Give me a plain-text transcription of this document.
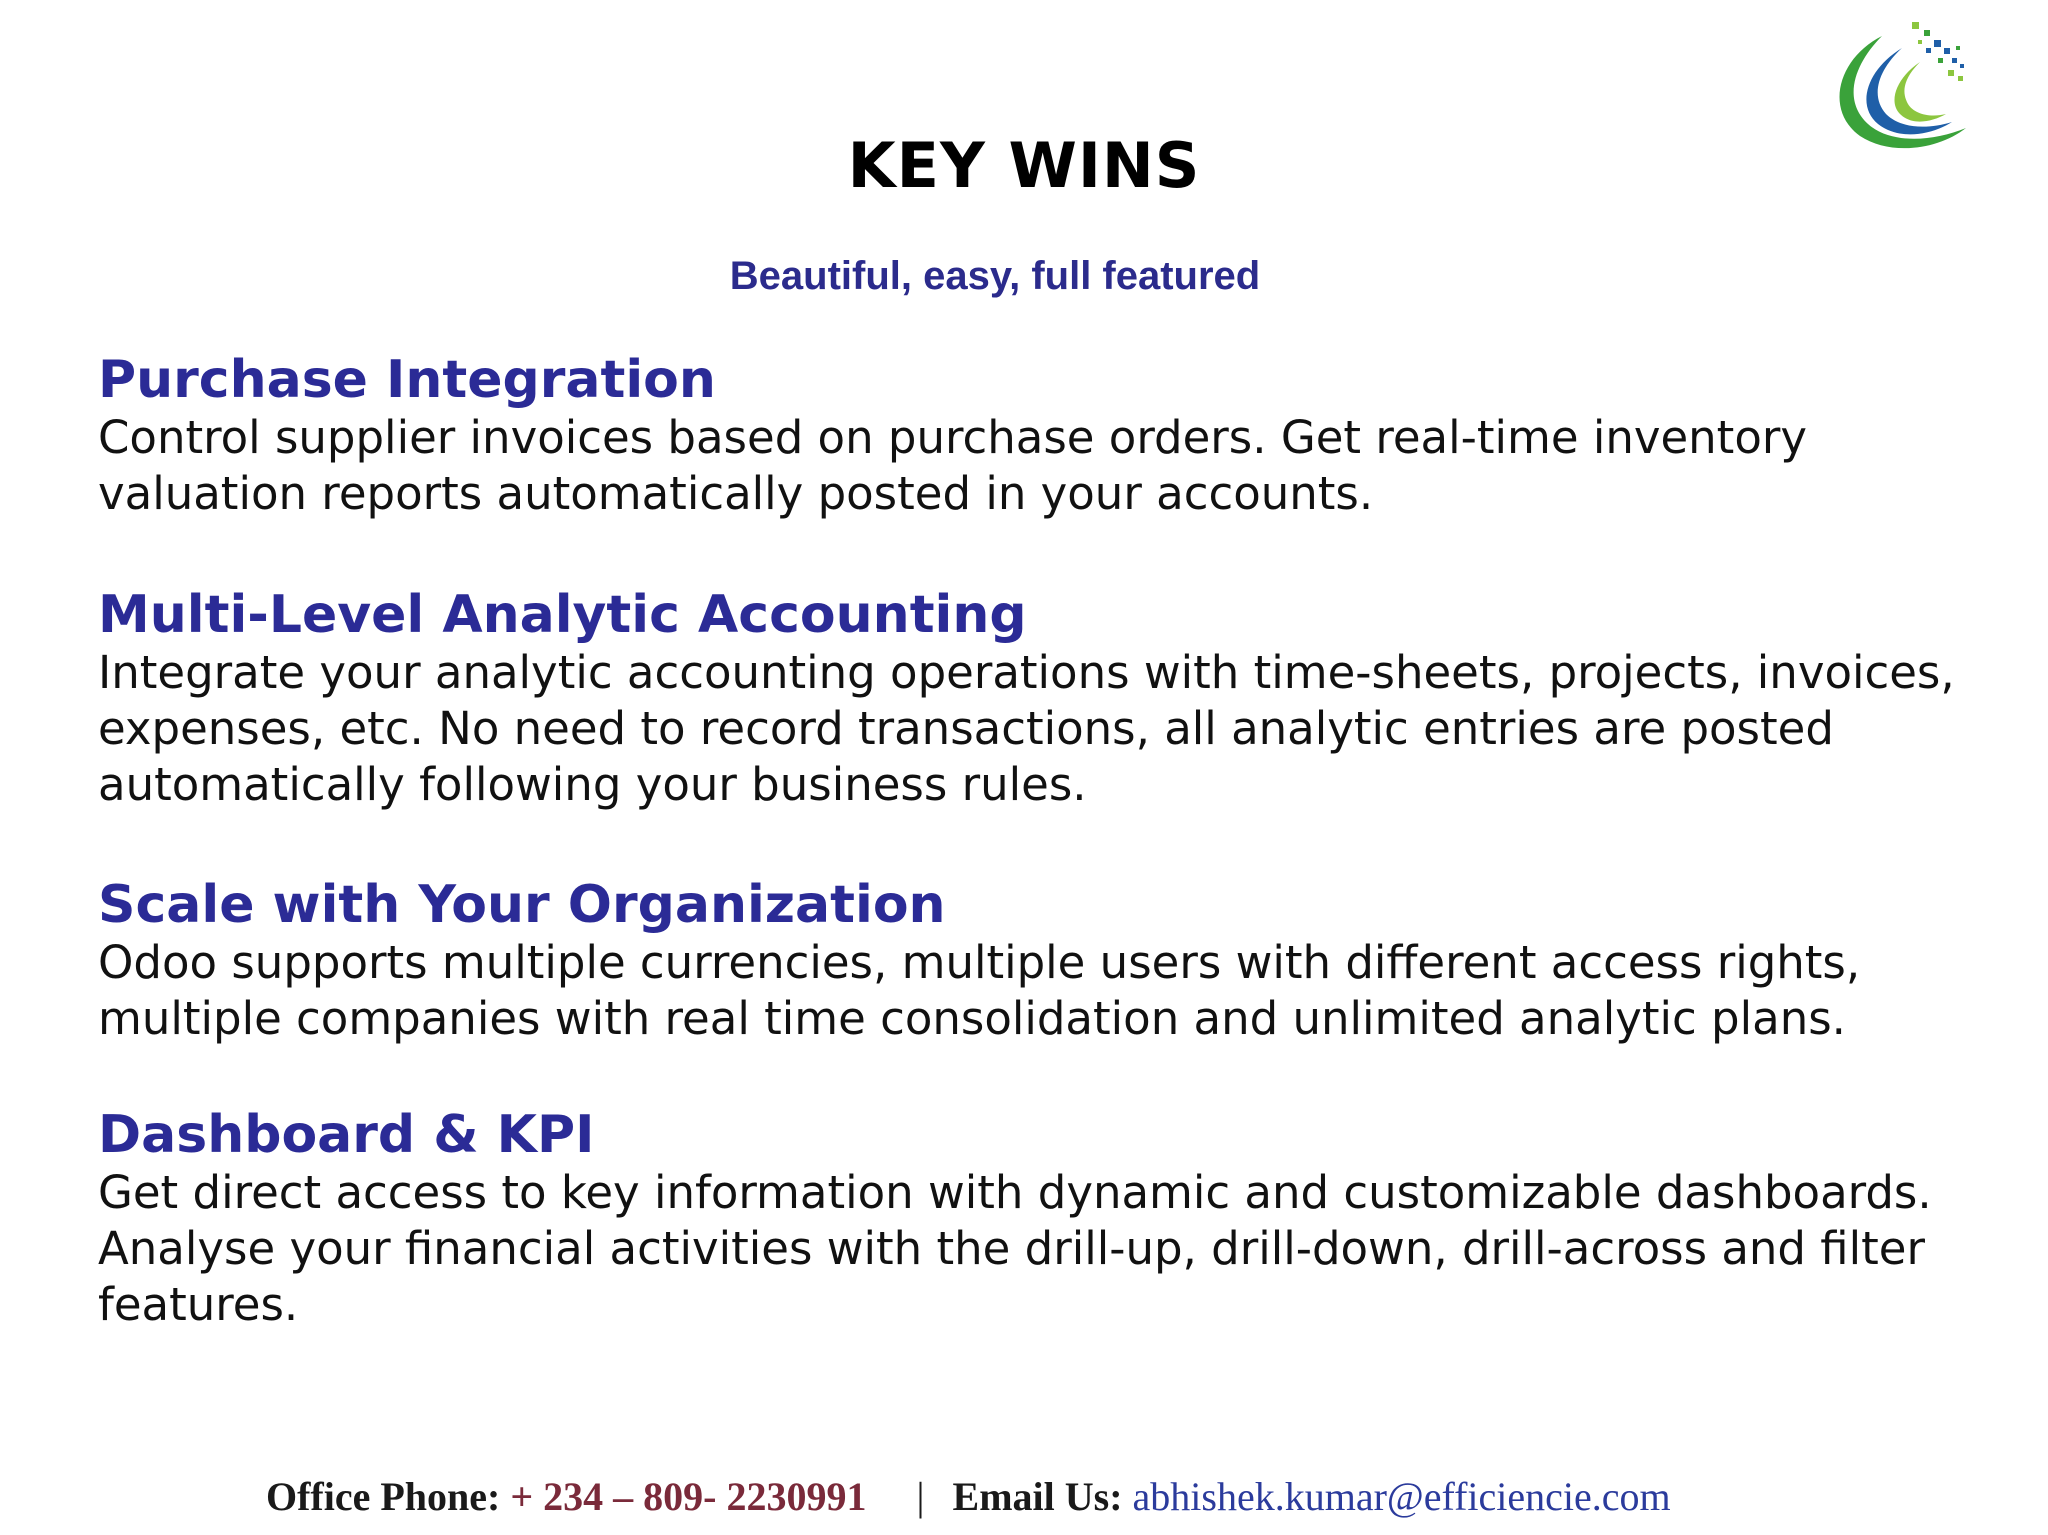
KEY WINS
Beautiful, easy, full featured
Purchase Integration

Control supplier invoices based on purchase orders. Get real-time inventory valuation reports automatically posted in your accounts.

Multi-Level Analytic Accounting

Integrate your analytic accounting operations with time-sheets, projects, invoices, expenses, etc. No need to record transactions, all analytic entries are posted automatically following your business rules.

Scale with Your Organization

Odoo supports multiple currencies, multiple users with different access rights, multiple companies with real time consolidation and unlimited analytic plans.

Dashboard & KPI

Get direct access to key information with dynamic and customizable dashboards. Analyse your financial activities with the drill-up, drill-down, drill-across and filter features.

Office Phone: + 234 – 809- 2230991 | Email Us: abhishek.kumar@efficiencie.com
